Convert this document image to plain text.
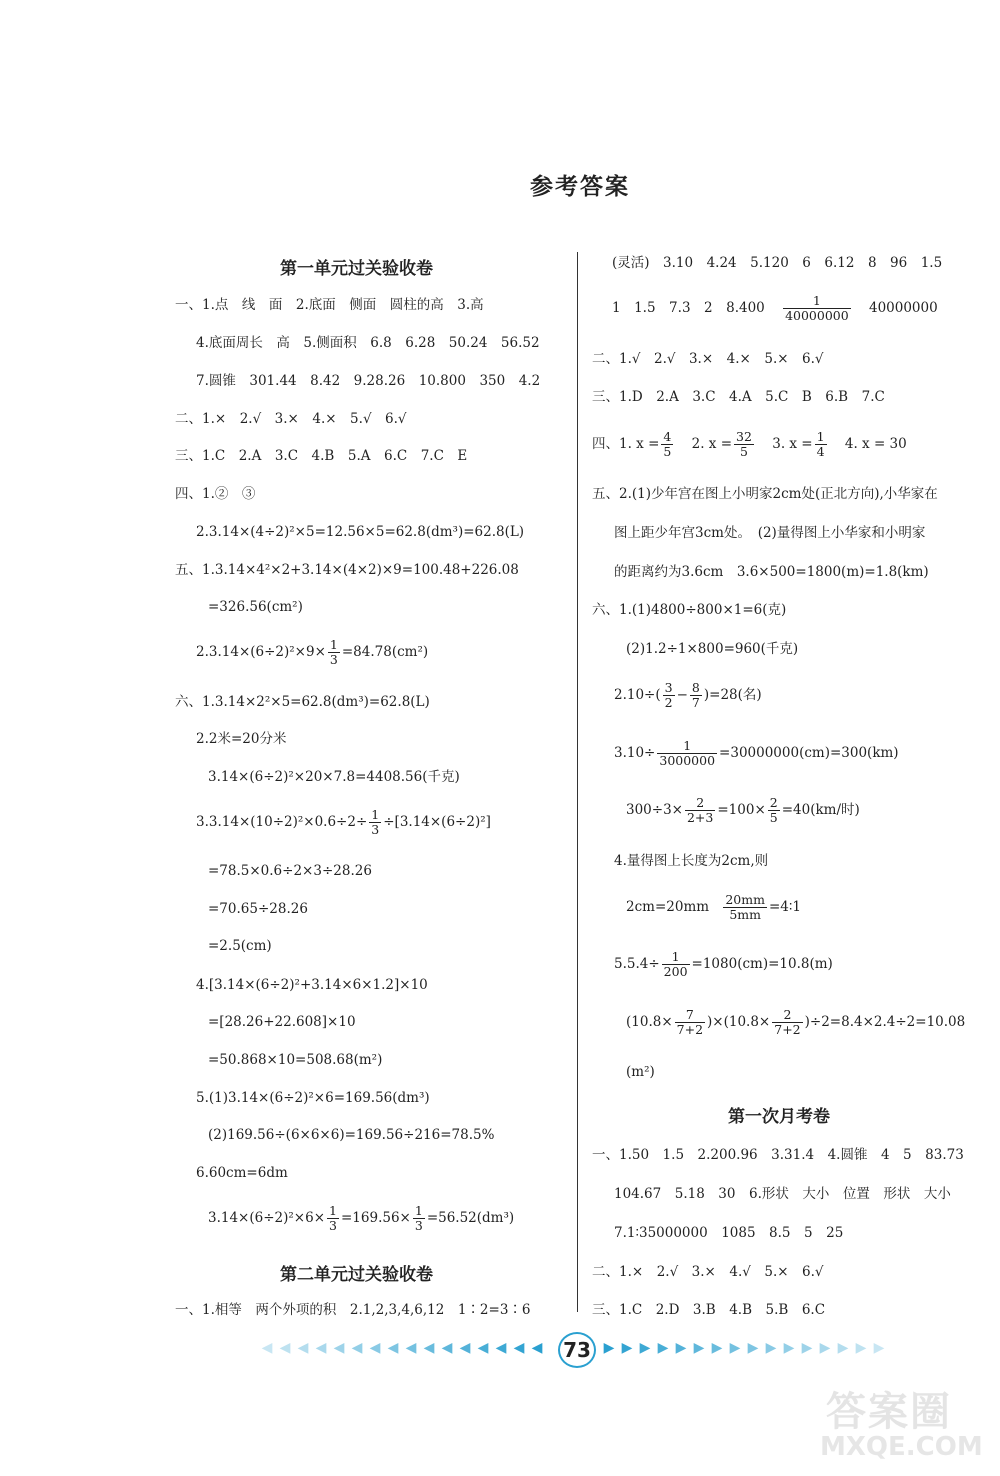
参考答案
第一单元过关验收卷
一、1.点　线　面　2.底面　侧面　圆柱的高　3.高
4.底面周长　高　5.侧面积　6.8　6.28　50.24　56.52
7.圆锥　301.44　8.42　9.28.26　10.800　350　4.2
二、1.×　2.√　3.×　4.×　5.√　6.√
三、1.C　2.A　3.C　4.B　5.A　6.C　7.C　E
四、1.②　③
2.3.14×(4÷2)²×5=12.56×5=62.8(dm³)=62.8(L)
五、1.3.14×4²×2+3.14×(4×2)×9=100.48+226.08
=326.56(cm²)
$2.3.14\times(6\div 2)^2\times 9\times \frac{1}{3} =84.78(cm^2)$
六、1.3.14×2²×5=62.8(dm³)=62.8(L)
2.2米=20分米
3.14×(6÷2)²×20×7.8=4408.56(千克)
$3.3.14\times(10\div 2)^2\times 0.6\div 2\div \frac{1}{3} \div[3.14\times(6\div 2)^2]$
=78.5×0.6÷2×3÷28.26
=70.65÷28.26
=2.5(cm)
4.[3.14×(6÷2)²+3.14×6×1.2]×10
=[28.26+22.608]×10
=50.868×10=508.68(m²)
5.(1)3.14×(6÷2)²×6=169.56(dm³)
(2)169.56÷(6×6×6)=169.56÷216=78.5%
6.60cm=6dm
$3.14\times(6\div 2)^2\times 6\times \frac{1}{3} =169.56\times \frac{1}{3} =56.52(dm^3)$
第二单元过关验收卷
一、1.相等　两个外项的积　2.1,2,3,4,6,12　1∶2=3∶6
(灵活)　3.10　4.24　5.120　6　6.12　8　96　1.5
1　1.5　7.3　2　$8.400 \frac{1}{40000000} 40000000$
二、1.√　2.√　3.×　4.×　5.×　6.√
三、1.D　2.A　3.C　4.A　5.C　B　6.B　7.C
四、1. $x = \frac{4}{5} 2$. $x = \frac{32}{5} 3$. $x = \frac{1}{4} 4$. x = 30
五、2.(1)少年宫在图上小明家2cm处(正北方向),小华家在
图上距少年宫3cm处。　(2)量得图上小华家和小明家
的距离约为3.6cm　3.6×500=1800(m)=1.8(km)
六、1.(1)4800÷800×1=6(克)
(2)1.2÷1×800=960(千克)
$2.10\div( \frac{3}{2} - \frac{8}{7} )=28$(名)
$3.10\div \frac{1}{3000000} =30000000(cm)=300(km)$
$300\div 3\times \frac{2}{2+3} =100\times \frac{2}{5} =40(km/$时)
4.量得图上长度为2cm,则
$2cm=20mm \frac{20mm}{5mm}$ =4∶1
$5.5.4\div \frac{1}{200} =1080(cm)=10.8(m)$
$(10.8\times \frac{7}{7+2} )\times(10.8\times \frac{2}{7+2} )\div 2=8.4\times 2.4\div 2=10.08$
(m²)
第一次月考卷
一、1.50　1.5　2.200.96　3.31.4　4.圆锥　4　5　83.73
104.67　5.18　30　6.形状　大小　位置　形状　大小
7.1∶35000000　1085　8.5　5　25
二、1.×　2.√　3.×　4.√　5.×　6.√
三、1.C　2.D　3.B　4.B　5.B　6.C
◀ ◀ ◀ ◀ ◀ ◀ ◀ ◀ ◀ ◀ ◀ ◀ ◀ ◀ ◀ ◀ 73 ▶ ▶ ▶ ▶ ▶ ▶ ▶ ▶ ▶ ▶ ▶ ▶ ▶ ▶ ▶ ▶
答案圈
MXQE.COM
